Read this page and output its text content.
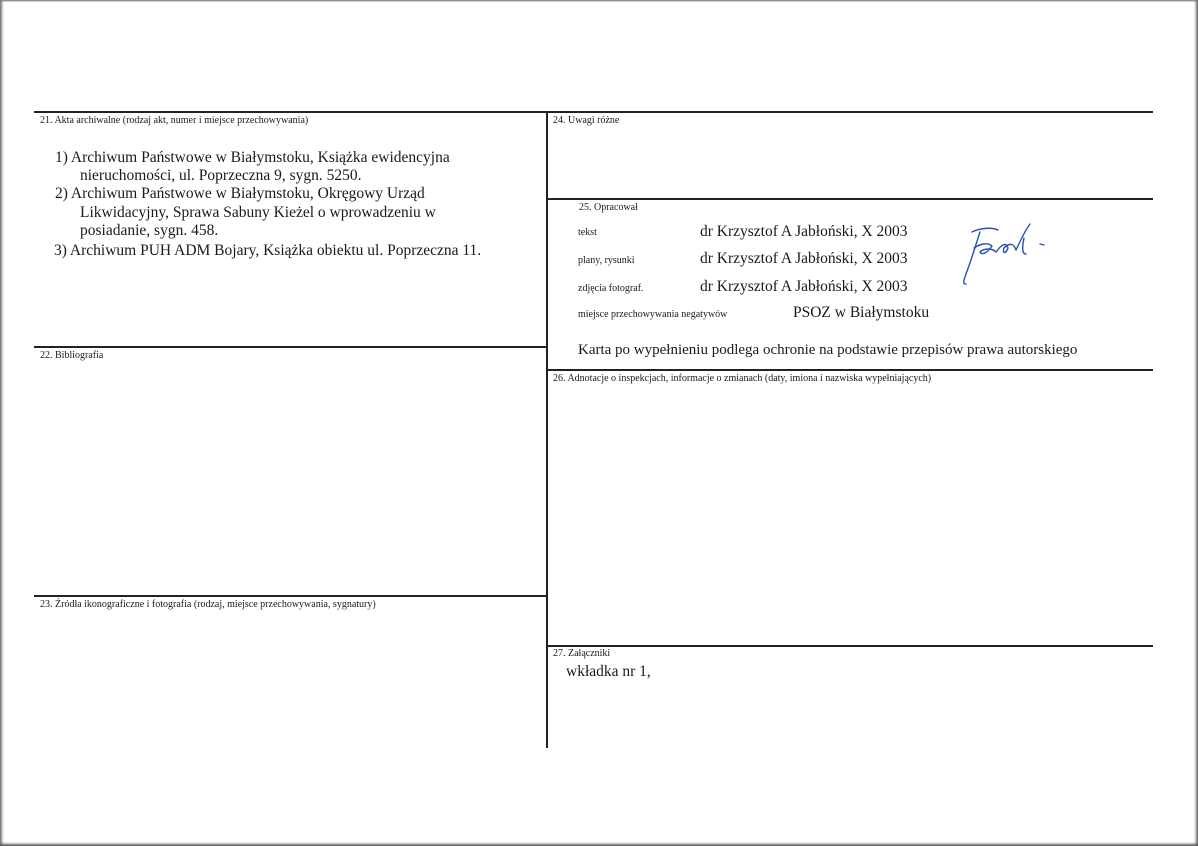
21. Akta archiwalne (rodzaj akt, numer i miejsce przechowywania)
1) Archiwum Państwowe w Białymstoku, Książka ewidencyjna
nieruchomości, ul. Poprzeczna 9, sygn. 5250.
2) Archiwum Państwowe w Białymstoku, Okręgowy Urząd
Likwidacyjny, Sprawa Sabuny Kieżel o wprowadzeniu w
posiadanie, sygn. 458.
3) Archiwum PUH ADM Bojary, Książka obiektu ul. Poprzeczna 11.
22. Bibliografia
23. Źródła ikonograficzne i fotografia (rodzaj, miejsce przechowywania, sygnatury)
24. Uwagi różne
25. Opracował
tekst	dr Krzysztof A Jabłoński, X 2003
plany, rysunki	dr Krzysztof A Jabłoński, X 2003
zdjęcia fotograf.	dr Krzysztof A Jabłoński, X 2003
miejsce przechowywania negatywów	PSOZ w Białymstoku
Karta po wypełnieniu podlega ochronie na podstawie przepisów prawa autorskiego
26. Adnotacje o inspekcjach, informacje o zmianach (daty, imiona i nazwiska wypełniających)
27. Załączniki
wkładka nr 1,
